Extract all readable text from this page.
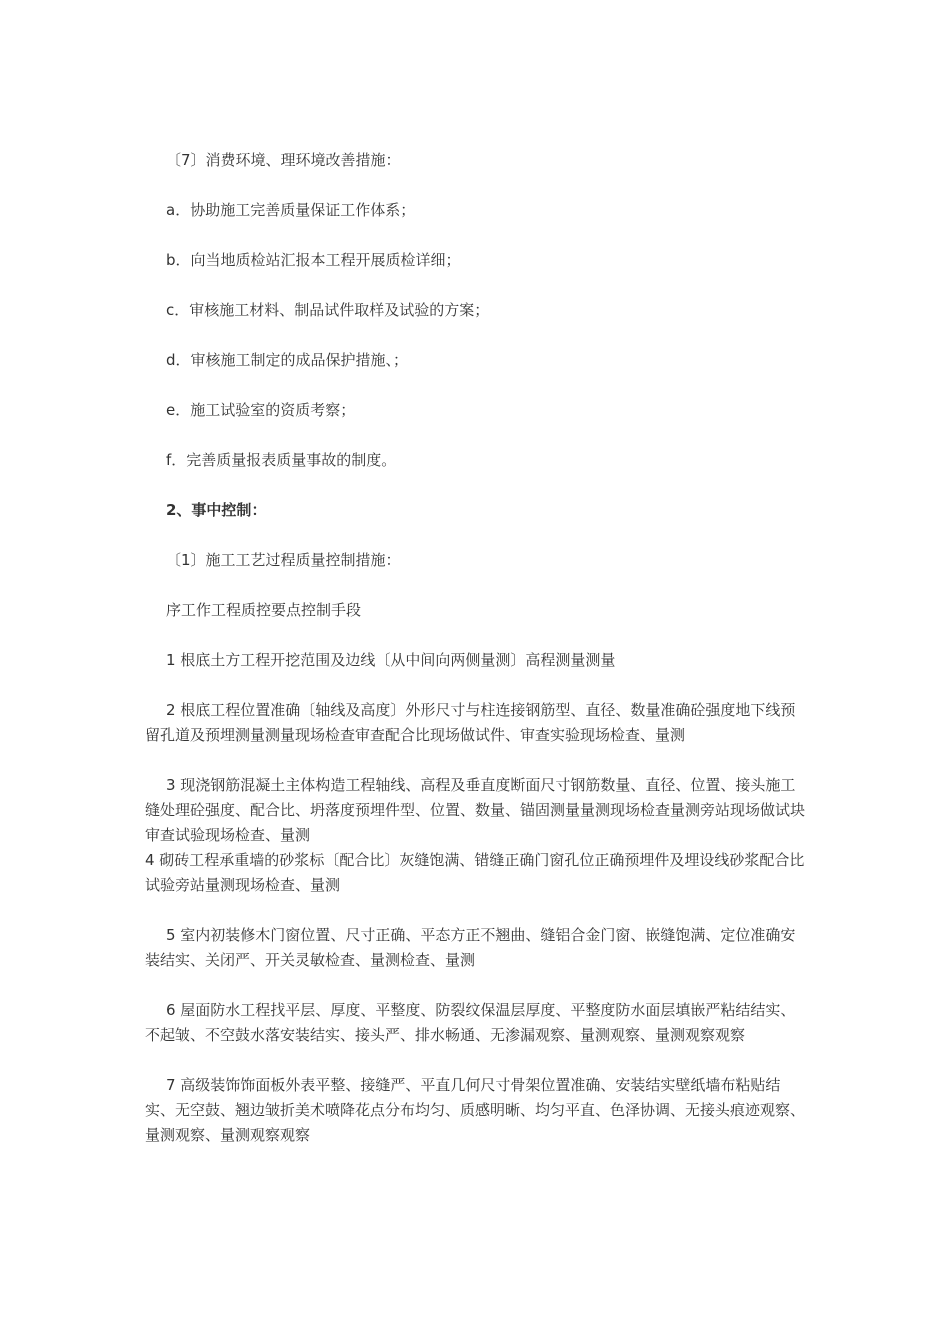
〔7〕消费环境、理环境改善措施：

a．协助施工完善质量保证工作体系；

b．向当地质检站汇报本工程开展质检详细；

c．审核施工材料、制品试件取样及试验的方案；

d．审核施工制定的成品保护措施、；

e．施工试验室的资质考察；

f．完善质量报表质量事故的制度。

2、事中控制：

〔1〕施工工艺过程质量控制措施：

序工作工程质控要点控制手段

1 根底土方工程开挖范围及边线〔从中间向两侧量测〕高程测量测量

2 根底工程位置准确〔轴线及高度〕外形尺寸与柱连接钢筋型、直径、数量准确砼强度地下线预留孔道及预埋测量测量现场检查审查配合比现场做试件、审查实验现场检查、量测

3 现浇钢筋混凝土主体构造工程轴线、高程及垂直度断面尺寸钢筋数量、直径、位置、接头施工缝处理砼强度、配合比、坍落度预埋件型、位置、数量、锚固测量量测现场检查量测旁站现场做试块审查试验现场检查、量测

4 砌砖工程承重墙的砂浆标〔配合比〕灰缝饱满、错缝正确门窗孔位正确预埋件及埋设线砂浆配合比试验旁站量测现场检查、量测

5 室内初装修木门窗位置、尺寸正确、平态方正不翘曲、缝铝合金门窗、嵌缝饱满、定位准确安装结实、关闭严、开关灵敏检查、量测检查、量测

6 屋面防水工程找平层、厚度、平整度、防裂纹保温层厚度、平整度防水面层填嵌严粘结结实、不起皱、不空鼓水落安装结实、接头严、排水畅通、无渗漏观察、量测观察、量测观察观察

7 高级装饰饰面板外表平整、接缝严、平直几何尺寸骨架位置准确、安装结实壁纸墙布粘贴结实、无空鼓、翘边皱折美术喷降花点分布均匀、质感明晰、均匀平直、色泽协调、无接头痕迹观察、量测观察、量测观察观察
